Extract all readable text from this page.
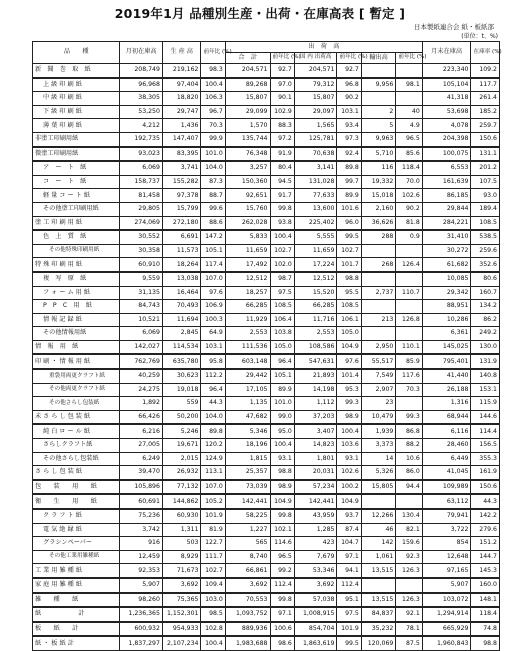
2019年1月 品種別生産・出荷・在庫高表 [ 暫定 ]
日本製紙連合会 紙・板紙部
(単位：t、%)
品　　種	月初在庫高	生 産 高	前年比 (%)	出　荷　高						月末在庫高	在庫率 (%)
				合　計	前年比 (%)	国 内 出荷高	前年比 (%)	輸出高	前年比 (%)		
新　聞　巻　取　紙	208,749	219,162	98.3	204,571	92.7	204,571	92.7			223,340	109.2
上 級 印 刷 紙	96,968	97,404	100.4	89,268	97.0	79,312	96.8	9,956	98.1	105,104	117.7
中 級 印 刷 紙	38,305	18,820	106.3	15,807	90.1	15,807	90.2			41,318	261.4
下 級 印 刷 紙	53,250	29,747	96.7	29,099	102.9	29,097	103.1	2	40	53,698	185.2
薄 葉 印 刷 紙	4,212	1,436	70.3	1,570	88.3	1,565	93.4	5	4.9	4,078	259.7
非塗工印刷用紙	192,735	147,407	99.9	135,744	97.2	125,781	97.3	9,963	96.5	204,398	150.6
微塗工印刷用紙	93,023	83,395	101.0	76,348	91.9	70,638	92.4	5,710	85.6	100,075	131.1
ア　ー　ト　紙	6,069	3,741	104.0	3,257	80.4	3,141	89.8	116	118.4	6,553	201.2
コ　ー　ト　紙	158,737	155,282	87.3	150,360	94.5	131,028	99.7	19,332	70.0	161,639	107.5
軽 量 コ ー ト 紙	81,458	97,378	88.7	92,651	91.7	77,633	89.9	15,018	102.6	86,185	93.0
その他塗工印刷用紙	29,805	15,799	99.6	15,760	99.8	13,600	101.6	2,160	90.2	29,844	189.4
塗 工 印 刷 用 紙	274,069	272,180	88.6	262,028	93.8	225,402	96.0	36,626	81.8	284,221	108.5
色　上　質　紙	30,552	6,691	147.2	5,833	100.4	5,555	99.5	288	0.9	31,410	538.5
その他特殊印刷用紙	30,358	11,573	105.1	11,659	102.7	11,659	102.7			30,272	259.6
特 殊 印 刷 用 紙	60,910	18,264	117.4	17,492	102.0	17,224	101.7	268	126.4	61,682	352.6
複　写　原　紙	9,559	13,038	107.0	12,512	98.7	12,512	98.8			10,085	80.6
フ ォ ー ム 用 紙	31,135	16,464	97.6	18,257	97.5	15,520	95.5	2,737	110.7	29,342	160.7
P　P　C　用　紙	84,743	70,493	106.9	66,285	108.5	66,285	108.5			88,951	134.2
情 報 記 録 紙	10,521	11,694	100.3	11,929	106.4	11,716	106.1	213	126.8	10,286	86.2
その他情報用紙	6,069	2,845	64.9	2,553	103.8	2,553	105.0			6,361	249.2
情　報　用　紙	142,027	114,534	103.1	111,536	105.0	108,586	104.9	2,950	110.1	145,025	130.0
印 刷 ・ 情 報 用 紙	762,769	635,780	95.8	603,148	96.4	547,631	97.6	55,517	85.9	795,401	131.9
重袋用両更クラフト紙	40,259	30,623	112.2	29,442	105.1	21,893	101.4	7,549	117.6	41,440	140.8
その他両更クラフト紙	24,275	19,018	96.4	17,105	89.9	14,198	95.3	2,907	70.3	26,188	153.1
その他さらし包装紙	1,892	559	44.3	1,135	101.0	1,112	99.3	23		1,316	115.9
未 さ ら し 包 装 紙	66,426	50,200	104.0	47,682	99.0	37,203	98.9	10,479	99.3	68,944	144.6
純 白 ロ ー ル 紙	6,216	5,246	89.8	5,346	95.0	3,407	100.4	1,939	86.8	6,116	114.4
さらしクラフト紙	27,005	19,671	120.2	18,196	100.4	14,823	103.6	3,373	88.2	28,460	156.5
その他さらし包装紙	6,249	2,015	124.9	1,815	93.1	1,801	93.1	14	10.6	6,449	355.3
さ ら し 包 装 紙	39,470	26,932	113.1	25,357	98.8	20,031	102.6	5,326	86.0	41,045	161.9
包　　装　　用　　紙	105,896	77,132	107.0	73,039	98.9	57,234	100.2	15,805	94.4	109,989	150.6
衛　　生　　用　　紙	60,691	144,862	105.2	142,441	104.9	142,441	104.9			63,112	44.3
ク ラ フ ト 紙	75,236	60,930	101.9	58,225	99.8	43,959	93.7	12,266	130.4	79,941	142.2
電 気 絶 縁 紙	3,742	1,311	81.9	1,227	102.1	1,285	87.4	46	82.1	3,722	279.6
グラシンペーパー	916	503	122.7	565	114.6	423	104.7	142	159.6	854	151.2
その他工業用雑種紙	12,459	8,929	111.7	8,740	96.5	7,679	97.1	1,061	92.3	12,648	144.7
工 業 用 雑 種 紙	92,353	71,673	102.7	66,861	99.2	53,346	94.1	13,515	126.3	97,165	145.3
家 庭 用 雑 種 紙	5,907	3,692	109.4	3,692	112.4	3,692	112.4			5,907	160.0
雑　　種　　紙	98,260	75,365	103.0	70,553	99.8	57,038	95.1	13,515	126.3	103,072	148.1
紙　　　　　　計	1,236,365	1,152,301	98.5	1,093,752	97.1	1,008,915	97.5	84,837	92.1	1,294,914	118.4
板　　紙　　計	600,932	954,933	102.8	889,936	100.6	854,704	101.9	35,232	78.1	665,929	74.8
紙 ・ 板 紙 計	1,837,297	2,107,234	100.4	1,983,688	98.6	1,863,619	99.5	120,069	87.5	1,960,843	98.8
